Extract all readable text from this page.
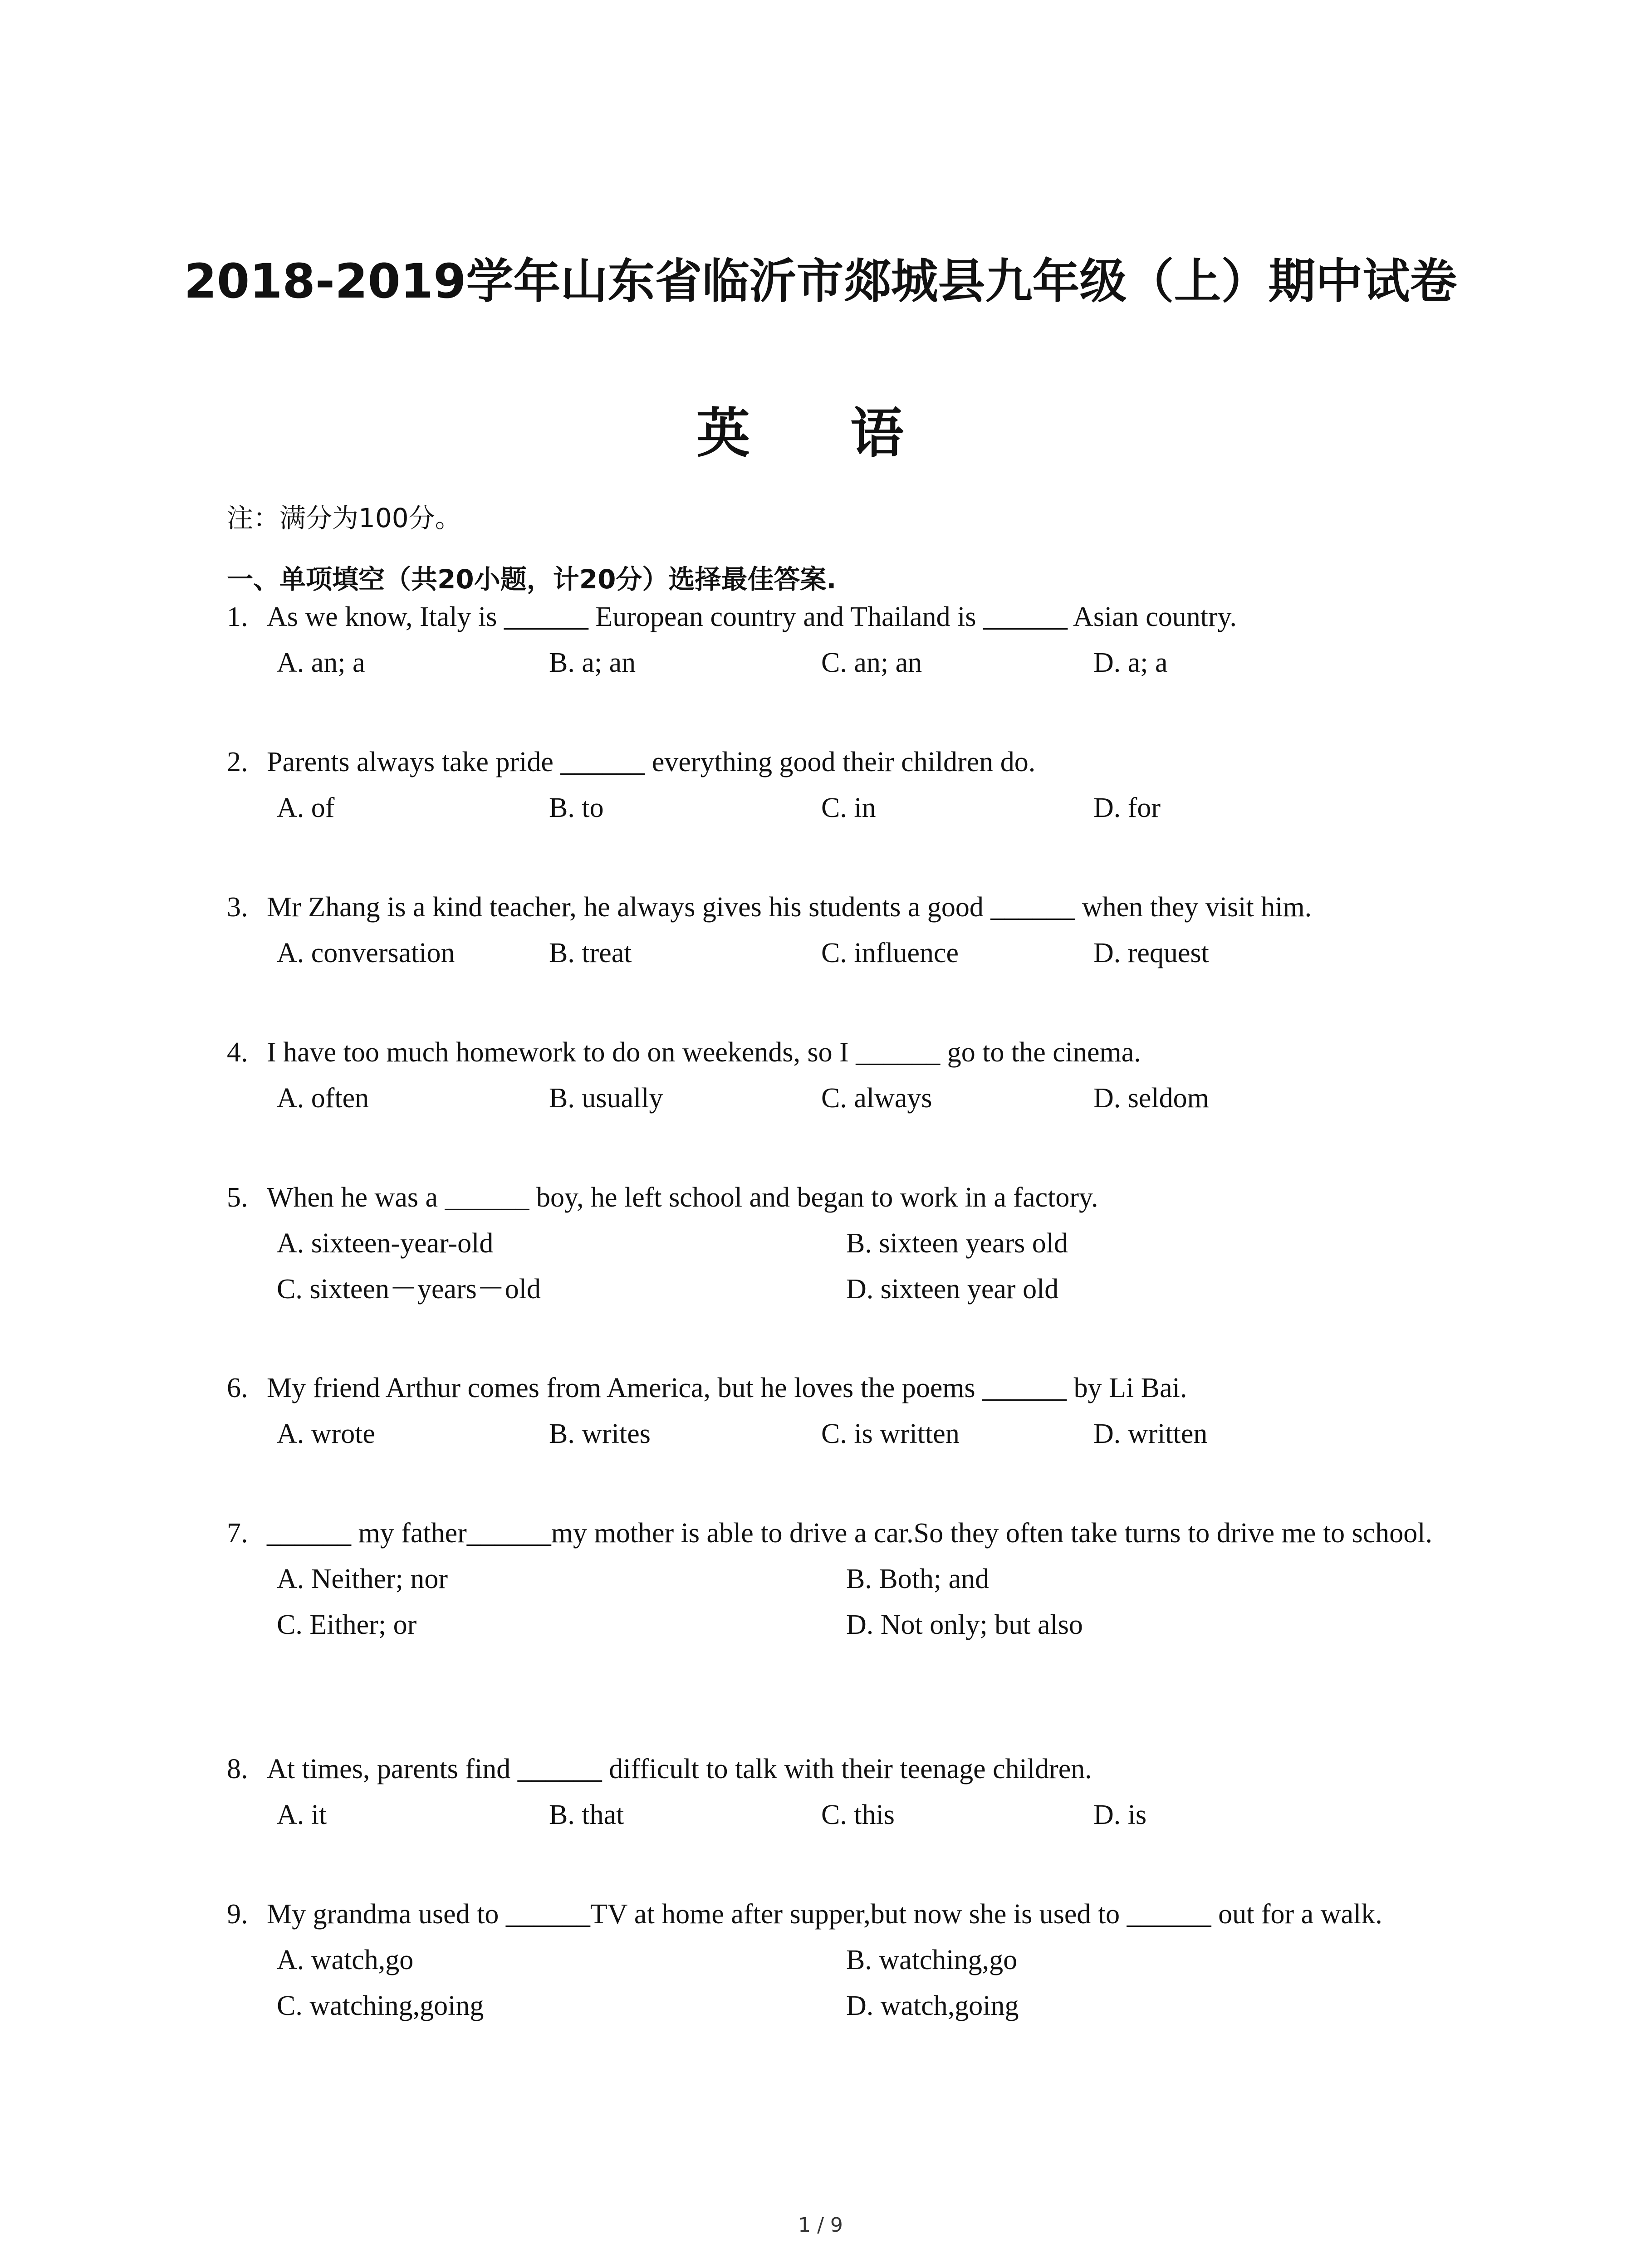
2018-2019学年山东省临沂市郯城县九年级（上）期中试卷
英 语

注：满分为100分。

一、单项填空（共20小题，计20分）选择最佳答案.

1. As we know, Italy is ______ European country and Thailand is ______ Asian country.
A. an; a	B. a; an	C. an; an	D. a; a
2. Parents always take pride ______ everything good their children do.
A. of	B. to	C. in	D. for
3. Mr Zhang is a kind teacher, he always gives his students a good ______ when they visit him.
A. conversation	B. treat	C. influence	D. request
4. I have too much homework to do on weekends, so I ______ go to the cinema.
A. often	B. usually	C. always	D. seldom
5. When he was a ______ boy, he left school and began to work in a factory.
A. sixteen-year-old	B. sixteen years old
C. sixteen－years－old	D. sixteen year old
6. My friend Arthur comes from America, but he loves the poems ______ by Li Bai.
A. wrote	B. writes	C. is written	D. written
7. ______ my father______my mother is able to drive a car.So they often take turns to drive me to school.
A. Neither; nor	B. Both; and
C. Either; or	D. Not only; but also
8. At times, parents find ______ difficult to talk with their teenage children.
A. it	B. that	C. this	D. is
9. My grandma used to ______TV at home after supper,but now she is used to ______ out for a walk.
A. watch,go	B. watching,go
C. watching,going	D. watch,going
1 / 9
